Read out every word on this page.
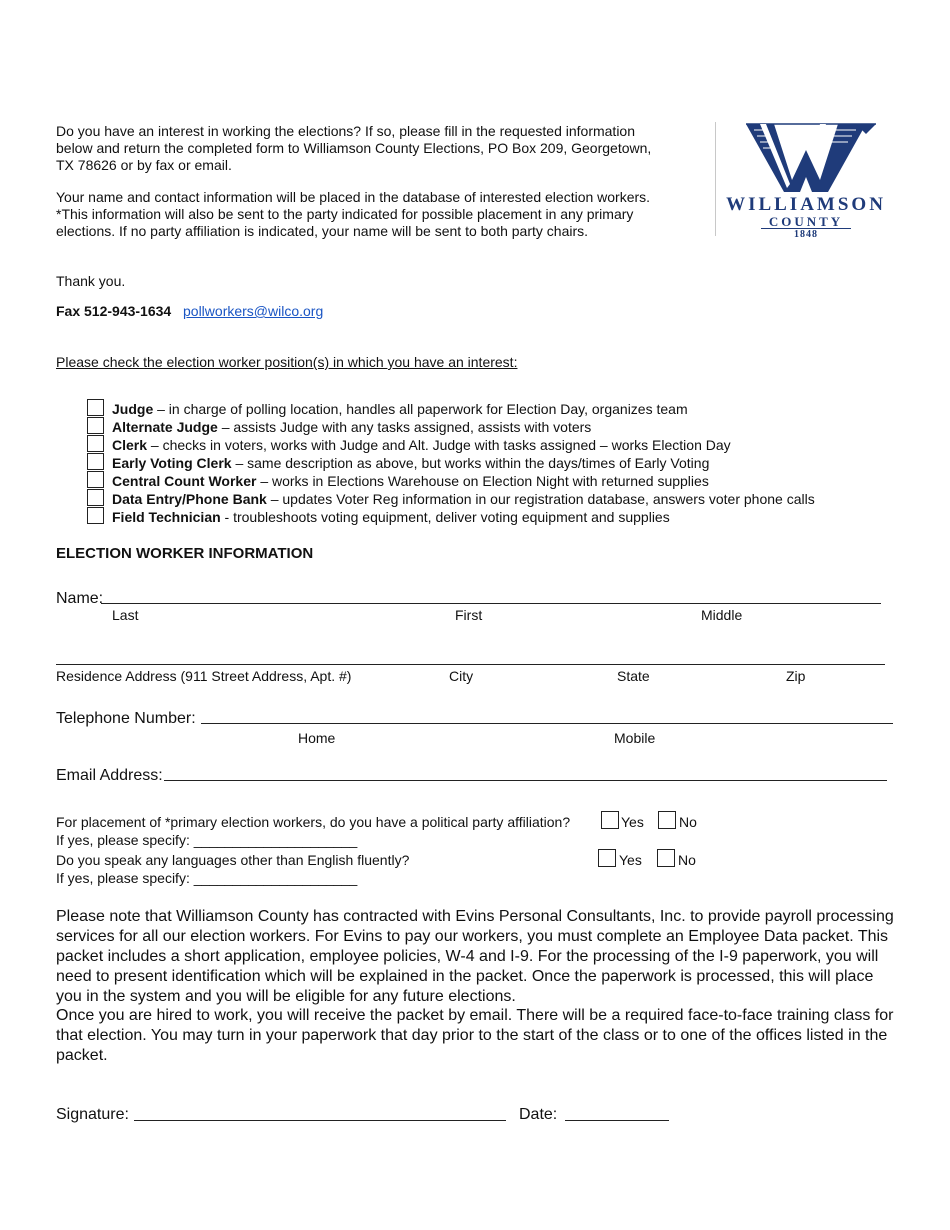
Do you have an interest in working the elections? If so, please fill in the requested information below and return the completed form to Williamson County Elections, PO Box 209, Georgetown, TX 78626 or by fax or email.
Your name and contact information will be placed in the database of interested election workers. *This information will also be sent to the party indicated for possible placement in any primary elections. If no party affiliation is indicated, your name will be sent to both party chairs.
Thank you.
Fax 512-943-1634 pollworkers@wilco.org
WILLIAMSON
COUNTY
1848
Please check the election worker position(s) in which you have an interest:
Judge – in charge of polling location, handles all paperwork for Election Day, organizes team
Alternate Judge – assists Judge with any tasks assigned, assists with voters
Clerk – checks in voters, works with Judge and Alt. Judge with tasks assigned – works Election Day
Early Voting Clerk – same description as above, but works within the days/times of Early Voting
Central Count Worker – works in Elections Warehouse on Election Night with returned supplies
Data Entry/Phone Bank – updates Voter Reg information in our registration database, answers voter phone calls
Field Technician - troubleshoots voting equipment, deliver voting equipment and supplies
ELECTION WORKER INFORMATION
Name:
Last	First	Middle
Residence Address (911 Street Address, Apt. #)	City	State	Zip
Telephone Number:
Home	Mobile
Email Address:
For placement of *primary election workers, do you have a political party affiliation?
If yes, please specify: _____________________
Yes	No
Do you speak any languages other than English fluently?
If yes, please specify: _____________________
Yes	No
Please note that Williamson County has contracted with Evins Personal Consultants, Inc. to provide payroll processing services for all our election workers. For Evins to pay our workers, you must complete an Employee Data packet. This packet includes a short application, employee policies, W-4 and I-9. For the processing of the I-9 paperwork, you will need to present identification which will be explained in the packet. Once the paperwork is processed, this will place you in the system and you will be eligible for any future elections.
Once you are hired to work, you will receive the packet by email. There will be a required face-to-face training class for that election. You may turn in your paperwork that day prior to the start of the class or to one of the offices listed in the packet.
Signature:	Date:
